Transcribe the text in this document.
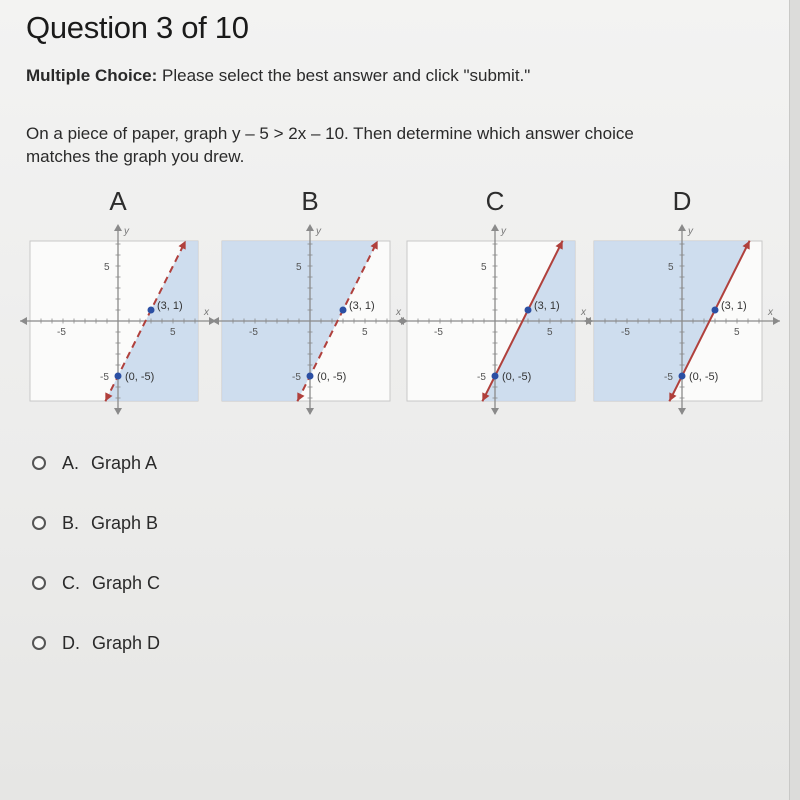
Question 3 of 10
Multiple Choice: Please select the best answer and click "submit."
On a piece of paper, graph y – 5 > 2x – 10. Then determine which answer choice
matches the graph you drew.
A
5
-5
5
-5
y
x
(3, 1)
(0, -5)
B
5
-5
5
-5
y
x
(3, 1)
(0, -5)
C
5
-5
5
-5
y
x
(3, 1)
(0, -5)
D
5
-5
5
-5
y
x
(3, 1)
(0, -5)
A. Graph A
B. Graph B
C. Graph C
D. Graph D
